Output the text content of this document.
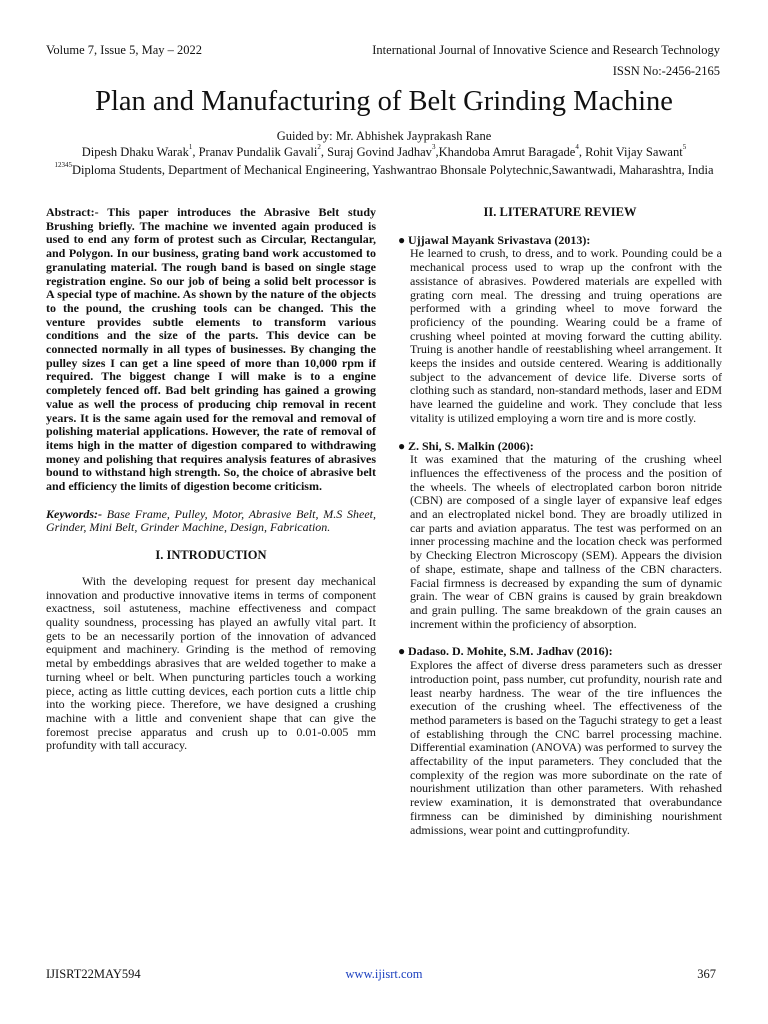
Volume 7, Issue 5, May – 2022	International Journal of Innovative Science and Research Technology
ISSN No:-2456-2165
Plan and Manufacturing of Belt Grinding Machine
Guided by: Mr. Abhishek Jayprakash Rane
Dipesh Dhaku Warak$^1$, Pranav Pundalik Gavali$^2$, Suraj Govind Jadhav$^3$,Khandoba Amrut Baragade$^4$, Rohit Vijay Sawant$^5$
$^{12345}$Diploma Students, Department of Mechanical Engineering, Yashwantrao Bhonsale Polytechnic,Sawantwadi, Maharashtra, India

Abstract:- This paper introduces the Abrasive Belt study Brushing briefly. The machine we invented again produced is used to end any form of protest such as Circular, Rectangular, and Polygon. In our business, grating band work accustomed to granulating material. The rough band is based on single stage registration engine. So our job of being a solid belt processor is A special type of machine. As shown by the nature of the objects to the pound, the crushing tools can be changed. This the venture provides subtle elements to transform various conditions and the size of the parts. This device can be connected normally in all types of businesses. By changing the pulley sizes I can get a line speed of more than 10,000 rpm if required. The biggest change I will make is to a engine completely fenced off. Bad belt grinding has gained a growing value as well the process of producing chip removal in recent years. It is the same again used for the removal and removal of polishing material applications. However, the rate of removal of items high in the matter of digestion compared to withdrawing money and polishing that requires analysis features of abrasives bound to withstand high strength. So, the choice of abrasive belt and efficiency the limits of digestion become criticism.

Keywords:- Base Frame, Pulley, Motor, Abrasive Belt, M.S Sheet, Grinder, Mini Belt, Grinder Machine, Design, Fabrication.

I. INTRODUCTION

With the developing request for present day mechanical innovation and productive innovative items in terms of component exactness, soil astuteness, machine effectiveness and compact quality soundness, processing has played an awfully vital part. It gets to be an necessarily portion of the innovation of advanced equipment and machinery. Grinding is the method of removing metal by embeddings abrasives that are welded together to make a turning wheel or belt. When puncturing particles touch a working piece, acting as little cutting devices, each portion cuts a little chip into the working piece. Therefore, we have designed a crushing machine with a little and convenient shape that can give the foremost precise apparatus and crush up to 0.01-0.005 mm profundity with tall accuracy.

II. LITERATURE REVIEW
● Ujjawal Mayank Srivastava (2013):

He learned to crush, to dress, and to work. Pounding could be a mechanical process used to wrap up the confront with the assistance of abrasives. Powdered materials are expelled with grating corn meal. The dressing and truing operations are performed with a grinding wheel to move forward the proficiency of the pounding. Wearing could be a frame of crushing wheel pointed at moving forward the cutting ability. Truing is another handle of reestablishing wheel arrangement. It keeps the insides and outside centered. Wearing is additionally subject to the advancement of device life. Diverse sorts of clothing such as standard, non-standard methods, laser and EDM have learned the guideline and work. They conclude that less vitality is utilized employing a worn tire and is more costly.

● Z. Shi, S. Malkin (2006):

It was examined that the maturing of the crushing wheel influences the effectiveness of the process and the position of the wheels. The wheels of electroplated carbon boron nitride (CBN) are composed of a single layer of expansive leaf edges and an electroplated nickel bond. They are broadly utilized in car parts and aviation apparatus. The test was performed on an inner processing machine and the location check was performed by Checking Electron Microscopy (SEM). Appears the division of shape, estimate, shape and tallness of the CBN characters. Facial firmness is decreased by expanding the sum of dynamic grain. The wear of CBN grains is caused by grain breakdown and grain pulling. The same breakdown of the grain causes an increment within the proficiency of absorption.

● Dadaso. D. Mohite, S.M. Jadhav (2016):

Explores the affect of diverse dress parameters such as dresser introduction point, pass number, cut profundity, nourish rate and least nearby hardness. The wear of the tire influences the execution of the crushing wheel. The effectiveness of the method parameters is based on the Taguchi strategy to get a least of establishing through the CNC barrel processing machine. Differential examination (ANOVA) was performed to survey the affectability of the input parameters. They concluded that the complexity of the region was more subordinate on the rate of nourishment utilization than other parameters. With rehashed review examination, it is demonstrated that overabundance firmness can be diminished by diminishing nourishment admissions, wear point and cuttingprofundity.

IJISRT22MAY594	www.ijisrt.com	367
